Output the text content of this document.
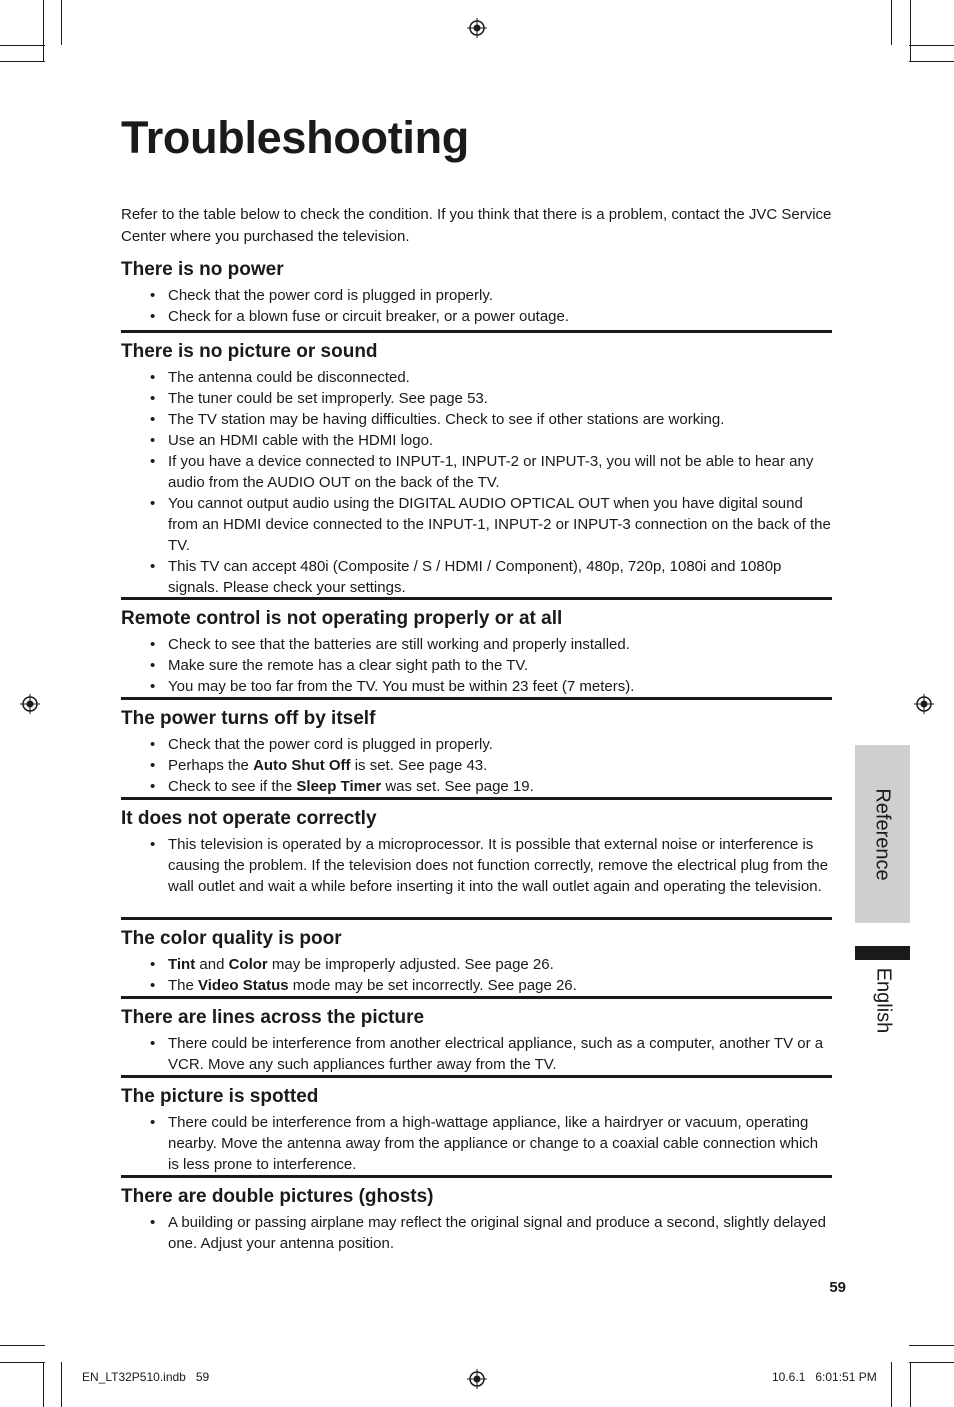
Troubleshooting

Refer to the table below to check the condition. If you think that there is a problem, contact the JVC Service Center where you purchased the television.

There is no power
• Check that the power cord is plugged in properly.
• Check for a blown fuse or circuit breaker, or a power outage.
There is no picture or sound
• The antenna could be disconnected.
• The tuner could be set improperly. See page 53.
• The TV station may be having difficulties. Check to see if other stations are working.
• Use an HDMI cable with the HDMI logo.
• If you have a device connected to INPUT-1, INPUT-2 or INPUT-3, you will not be able to hear any audio from the AUDIO OUT on the back of the TV.
• You cannot output audio using the DIGITAL AUDIO OPTICAL OUT when you have digital sound from an HDMI device connected to the INPUT-1, INPUT-2 or INPUT-3 connection on the back of the TV.
• This TV can accept 480i (Composite / S / HDMI / Component), 480p, 720p, 1080i and 1080p signals. Please check your settings.
Remote control is not operating properly or at all
• Check to see that the batteries are still working and properly installed.
• Make sure the remote has a clear sight path to the TV.
• You may be too far from the TV. You must be within 23 feet (7 meters).
The power turns off by itself
• Check that the power cord is plugged in properly.
• Perhaps the Auto Shut Off is set. See page 43.
• Check to see if the Sleep Timer was set. See page 19.
It does not operate correctly
• This television is operated by a microprocessor. It is possible that external noise or interference is causing the problem. If the television does not function correctly, remove the electrical plug from the wall outlet and wait a while before inserting it into the wall outlet again and operating the television.
The color quality is poor
• Tint and Color may be improperly adjusted. See page 26.
• The Video Status mode may be set incorrectly. See page 26.
There are lines across the picture
• There could be interference from another electrical appliance, such as a computer, another TV or a VCR. Move any such appliances further away from the TV.
The picture is spotted
• There could be interference from a high-wattage appliance, like a hairdryer or vacuum, operating nearby. Move the antenna away from the appliance or change to a coaxial cable connection which is less prone to interference.
There are double pictures (ghosts)
• A building or passing airplane may reflect the original signal and produce a second, slightly delayed one. Adjust your antenna position.
Reference
English
59
EN_LT32P510.indb   59	10.6.1   6:01:51 PM
